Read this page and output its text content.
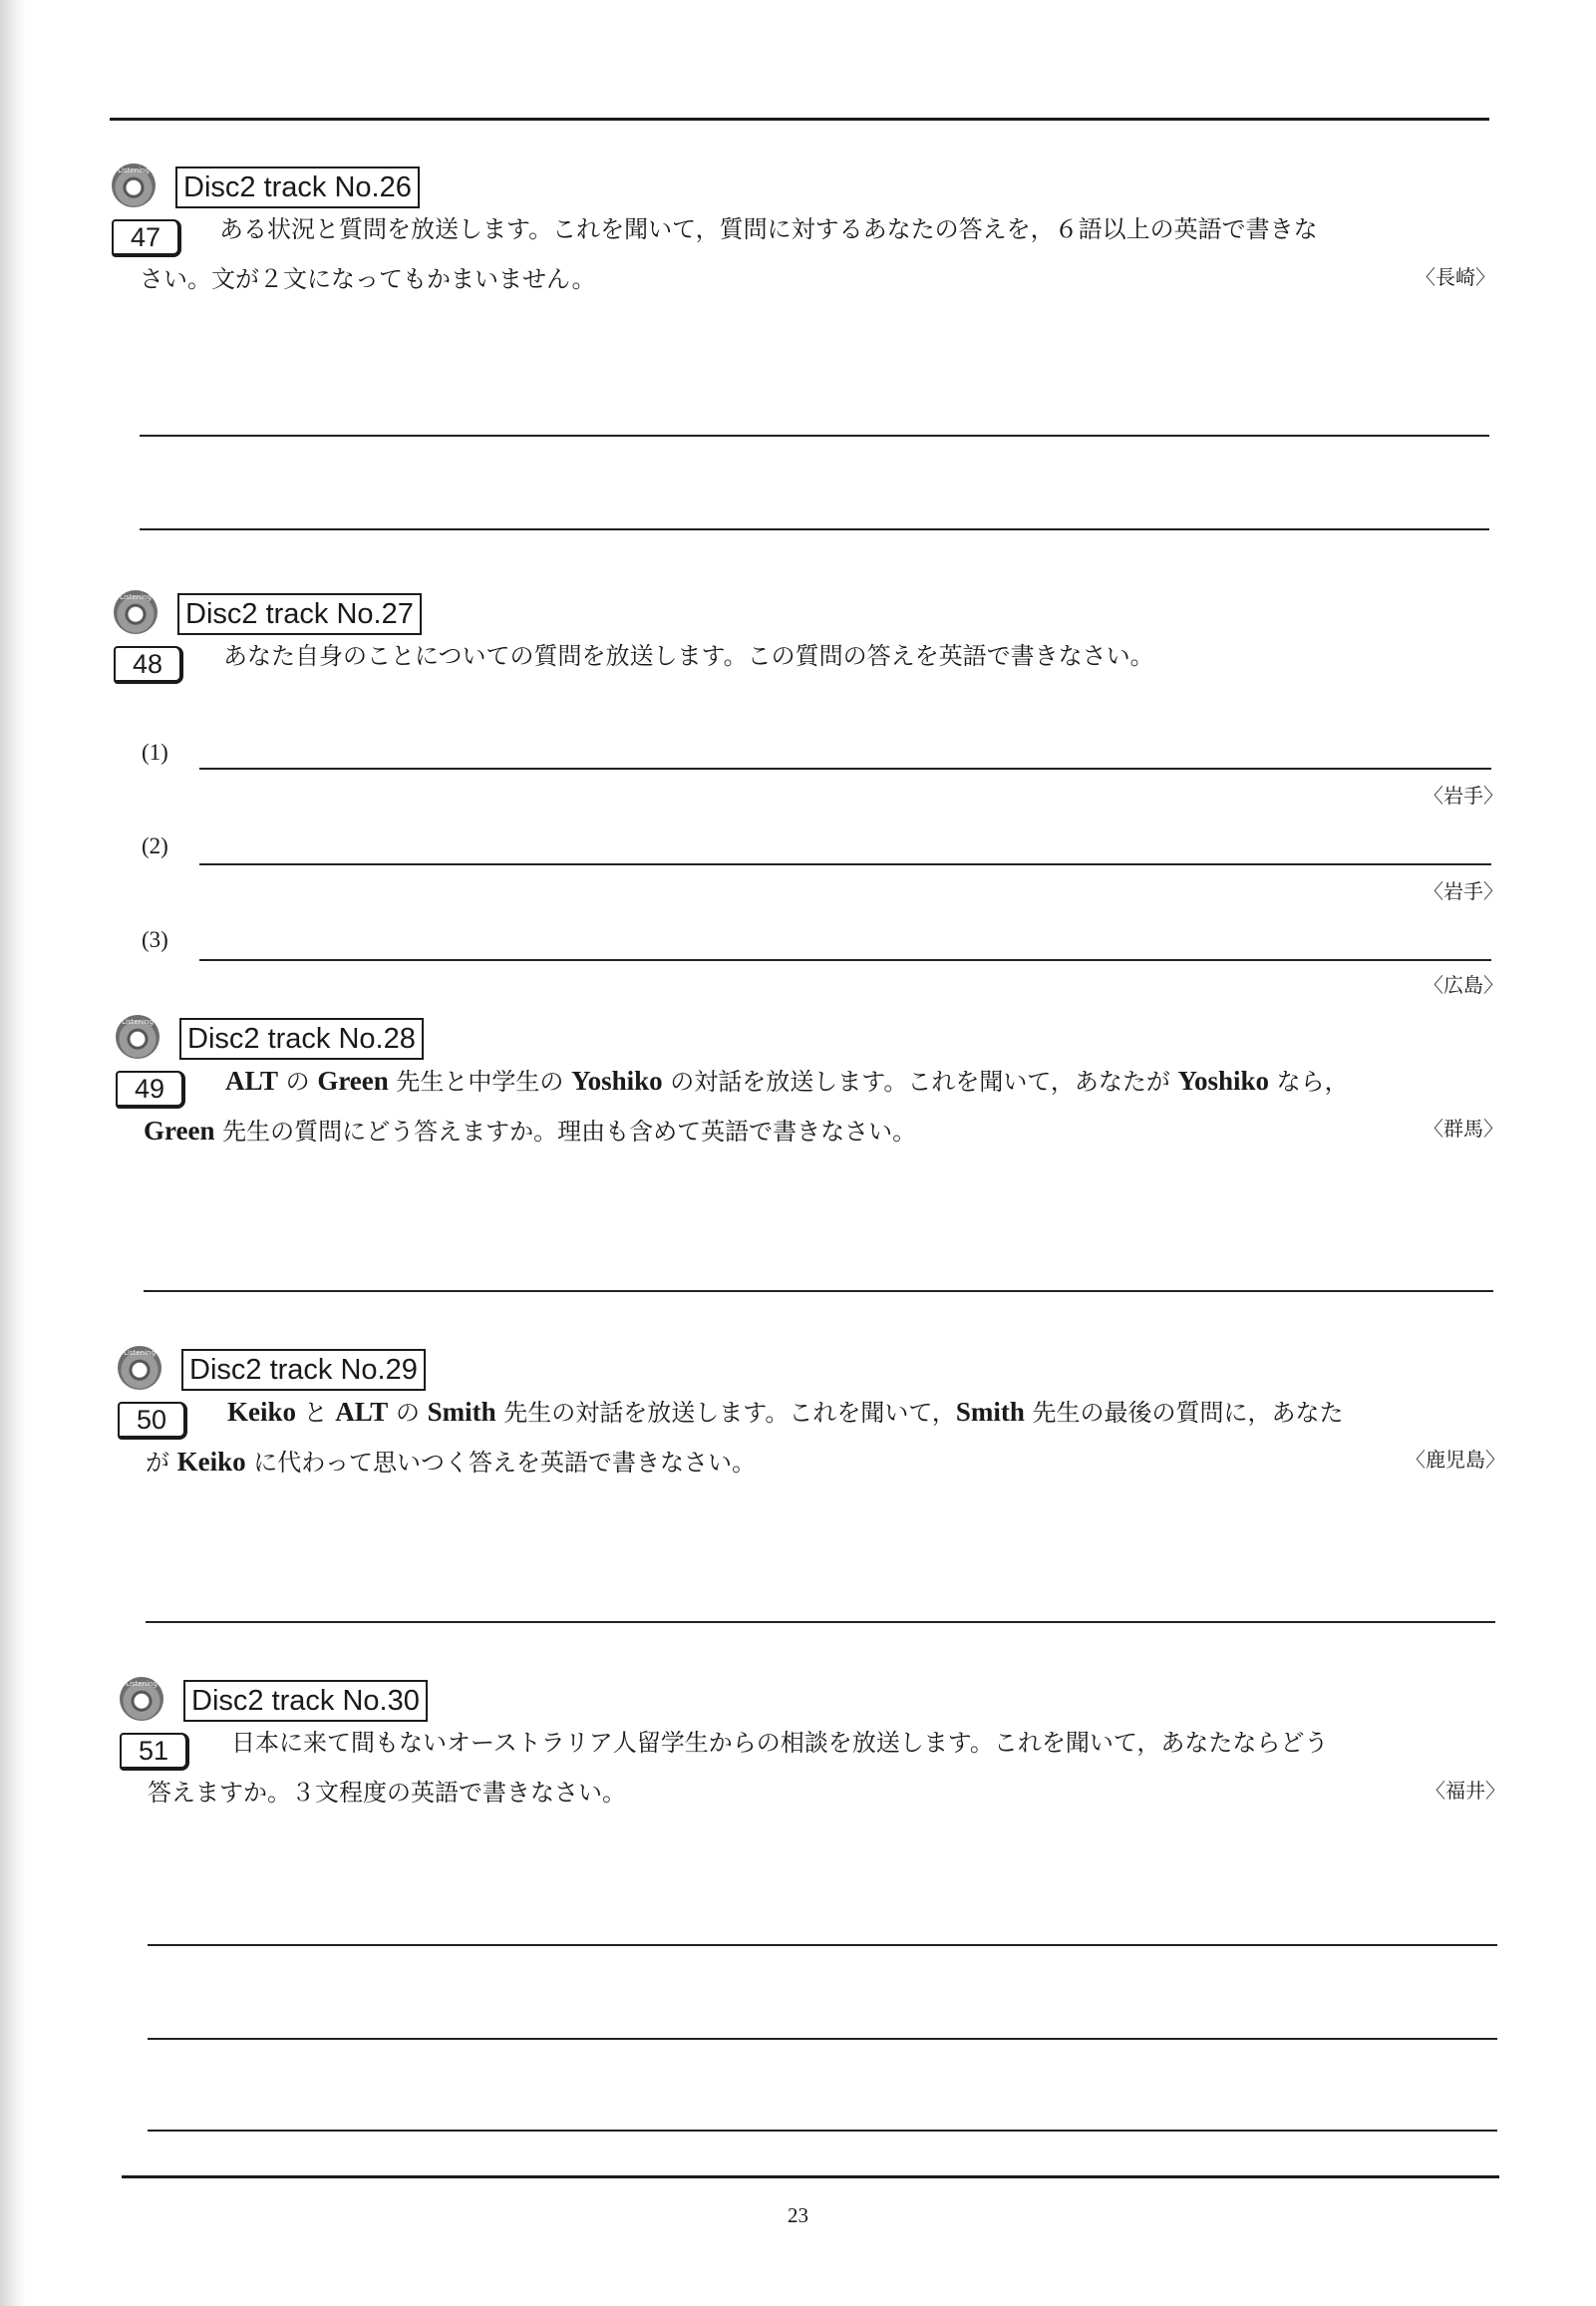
Listening
Disc2 track No.26
47	ある状況と質問を放送します。これを聞いて，質問に対するあなたの答えを，６語以上の英語で書きな
さい。文が２文になってもかまいません。	〈長崎〉
Listening
Disc2 track No.27
48	あなた自身のことについての質問を放送します。この質問の答えを英語で書きなさい。
(1)
〈岩手〉
(2)
〈岩手〉
(3)
〈広島〉
Listening
Disc2 track No.28
49	ALT の Green 先生と中学生の Yoshiko の対話を放送します。これを聞いて，あなたが Yoshiko なら，
Green 先生の質問にどう答えますか。理由も含めて英語で書きなさい。	〈群馬〉
Listening
Disc2 track No.29
50	Keiko と ALT の Smith 先生の対話を放送します。これを聞いて，Smith 先生の最後の質問に，あなた
が Keiko に代わって思いつく答えを英語で書きなさい。	〈鹿児島〉
Listening
Disc2 track No.30
51	日本に来て間もないオーストラリア人留学生からの相談を放送します。これを聞いて，あなたならどう
答えますか。３文程度の英語で書きなさい。	〈福井〉
23
